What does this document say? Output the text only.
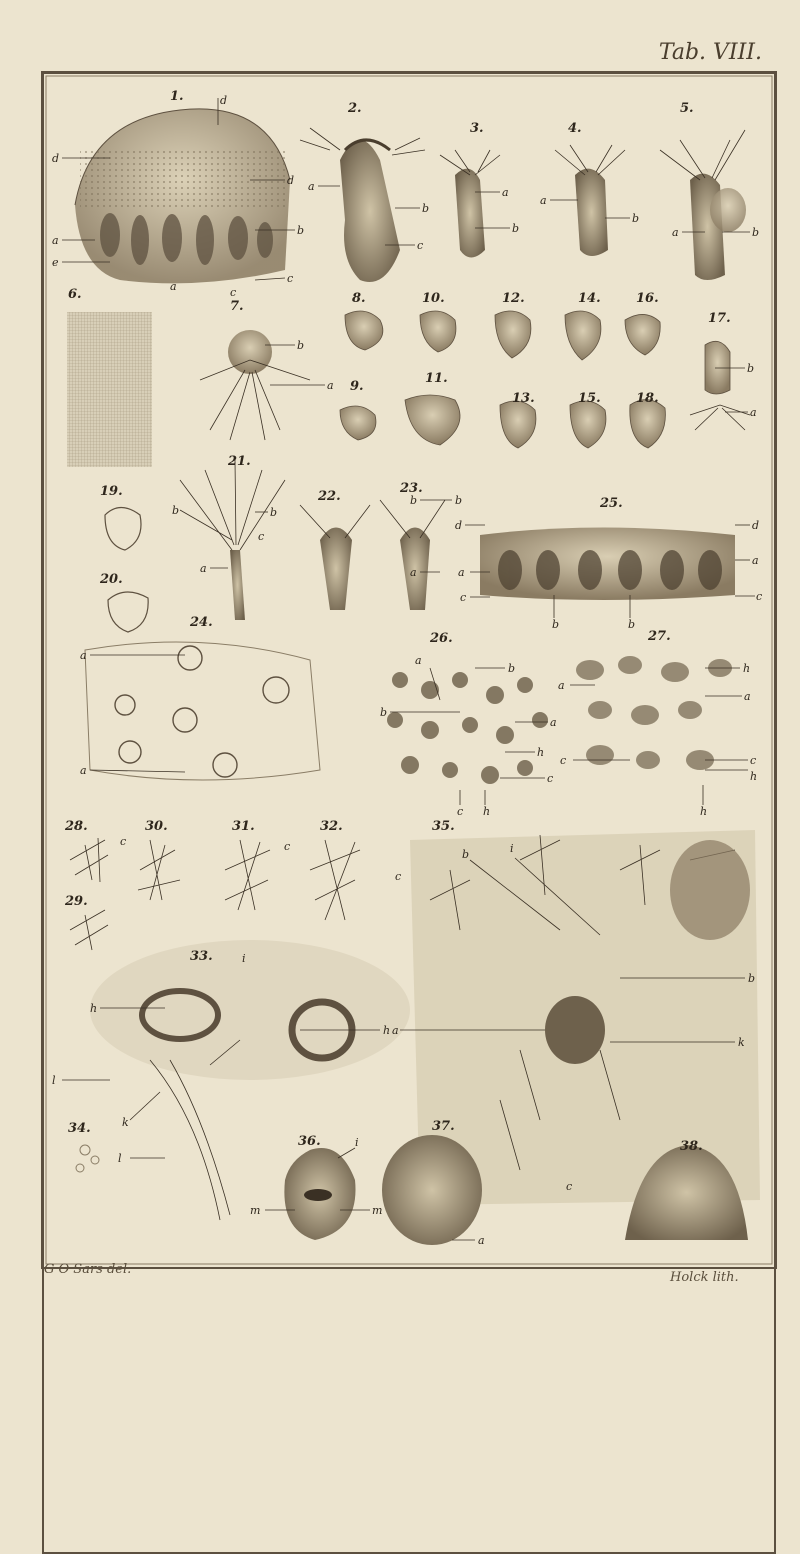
Tab. VIII.
1.
2.
3.	4.
5.
6.
7.
8.
9.
10.
11.
12.
13.
14.
15.
16.
17.
18.
19.
20.
21.
22.
23.
24.
25.
26.	27.
28.
29.
30.	31.	32.
33.
34.
35.
36.
37.
38.
d
d
d
b
a
c
a	c
e
a
b
c
a
b
a
b
a	b
b
a
b
a
b	b
c
a
b	b
a
a
a
d	d
a
a
c	c
b	b
a
b
b
a
h
c
c h
a
h
a
c	c
h
h
c	c
c
i
h
h
l
k
l
b	i
b
a
k
c
i
m	m
a
G O Sars del.
Holck lith.
